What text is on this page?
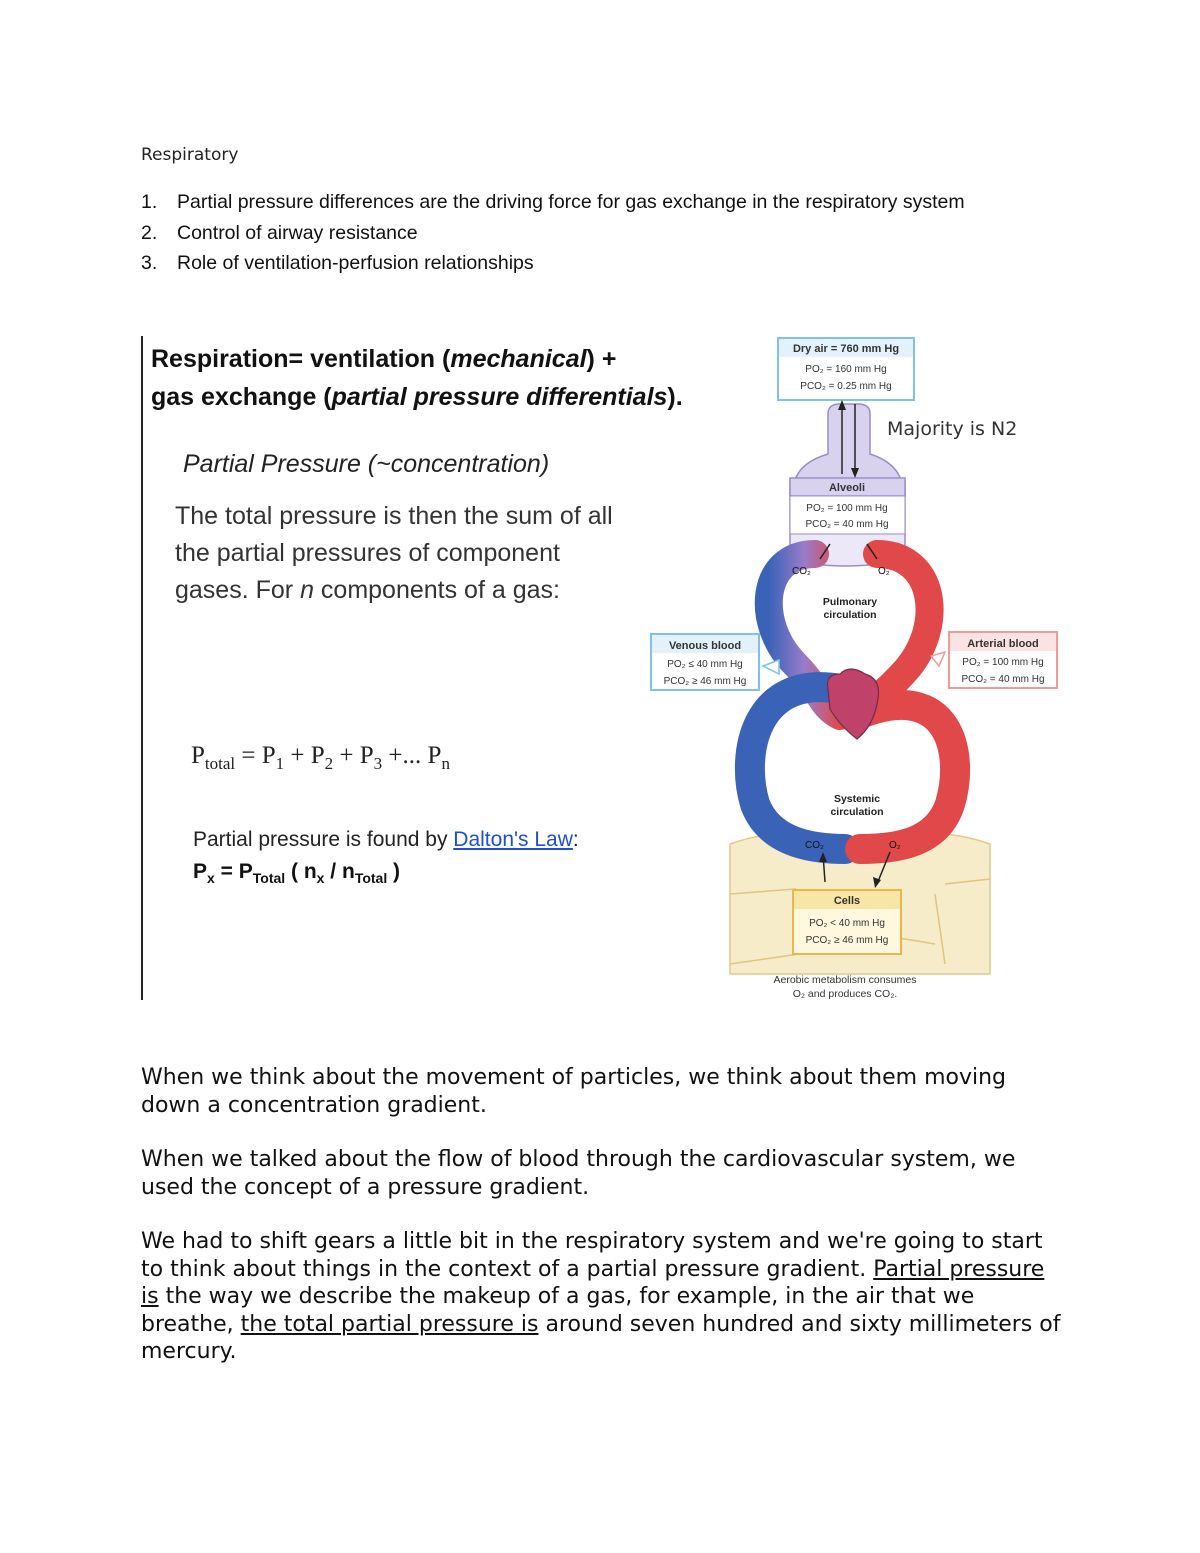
Respiratory
1. Partial pressure differences are the driving force for gas exchange in the respiratory system
2. Control of airway resistance
3. Role of ventilation-perfusion relationships
Respiration= ventilation (mechanical) +
gas exchange (partial pressure differentials).
Partial Pressure (~concentration)
The total pressure is then the sum of all the partial pressures of component gases. For n components of a gas:
$P_{total} = P_1 + P_2 + P_3$ +... $P_n$
Partial pressure is found by Dalton's Law:
$P_x = P_{Total}$ ( $n_x / n_{Total}$ )
Dry air = 760 mm Hg
PO₂ = 160 mm Hg
PCO₂ = 0.25 mm Hg
Majority is N2
Alveoli
PO₂ = 100 mm Hg
PCO₂ = 40 mm Hg
CO₂	O₂
Pulmonary
circulation
Systemic
circulation
Venous blood
PO₂ ≤ 40 mm Hg
PCO₂ ≥ 46 mm Hg
Arterial blood
PO₂ = 100 mm Hg
PCO₂ = 40 mm Hg
CO₂	O₂
Cells
PO₂ < 40 mm Hg
PCO₂ ≥ 46 mm Hg
Aerobic metabolism consumes
O₂ and produces CO₂.

When we think about the movement of particles, we think about them moving down a concentration gradient.

When we talked about the flow of blood through the cardiovascular system, we used the concept of a pressure gradient.

We had to shift gears a little bit in the respiratory system and we're going to start to think about things in the context of a partial pressure gradient. Partial pressure is the way we describe the makeup of a gas, for example, in the air that we breathe, the total partial pressure is around seven hundred and sixty millimeters of mercury.
